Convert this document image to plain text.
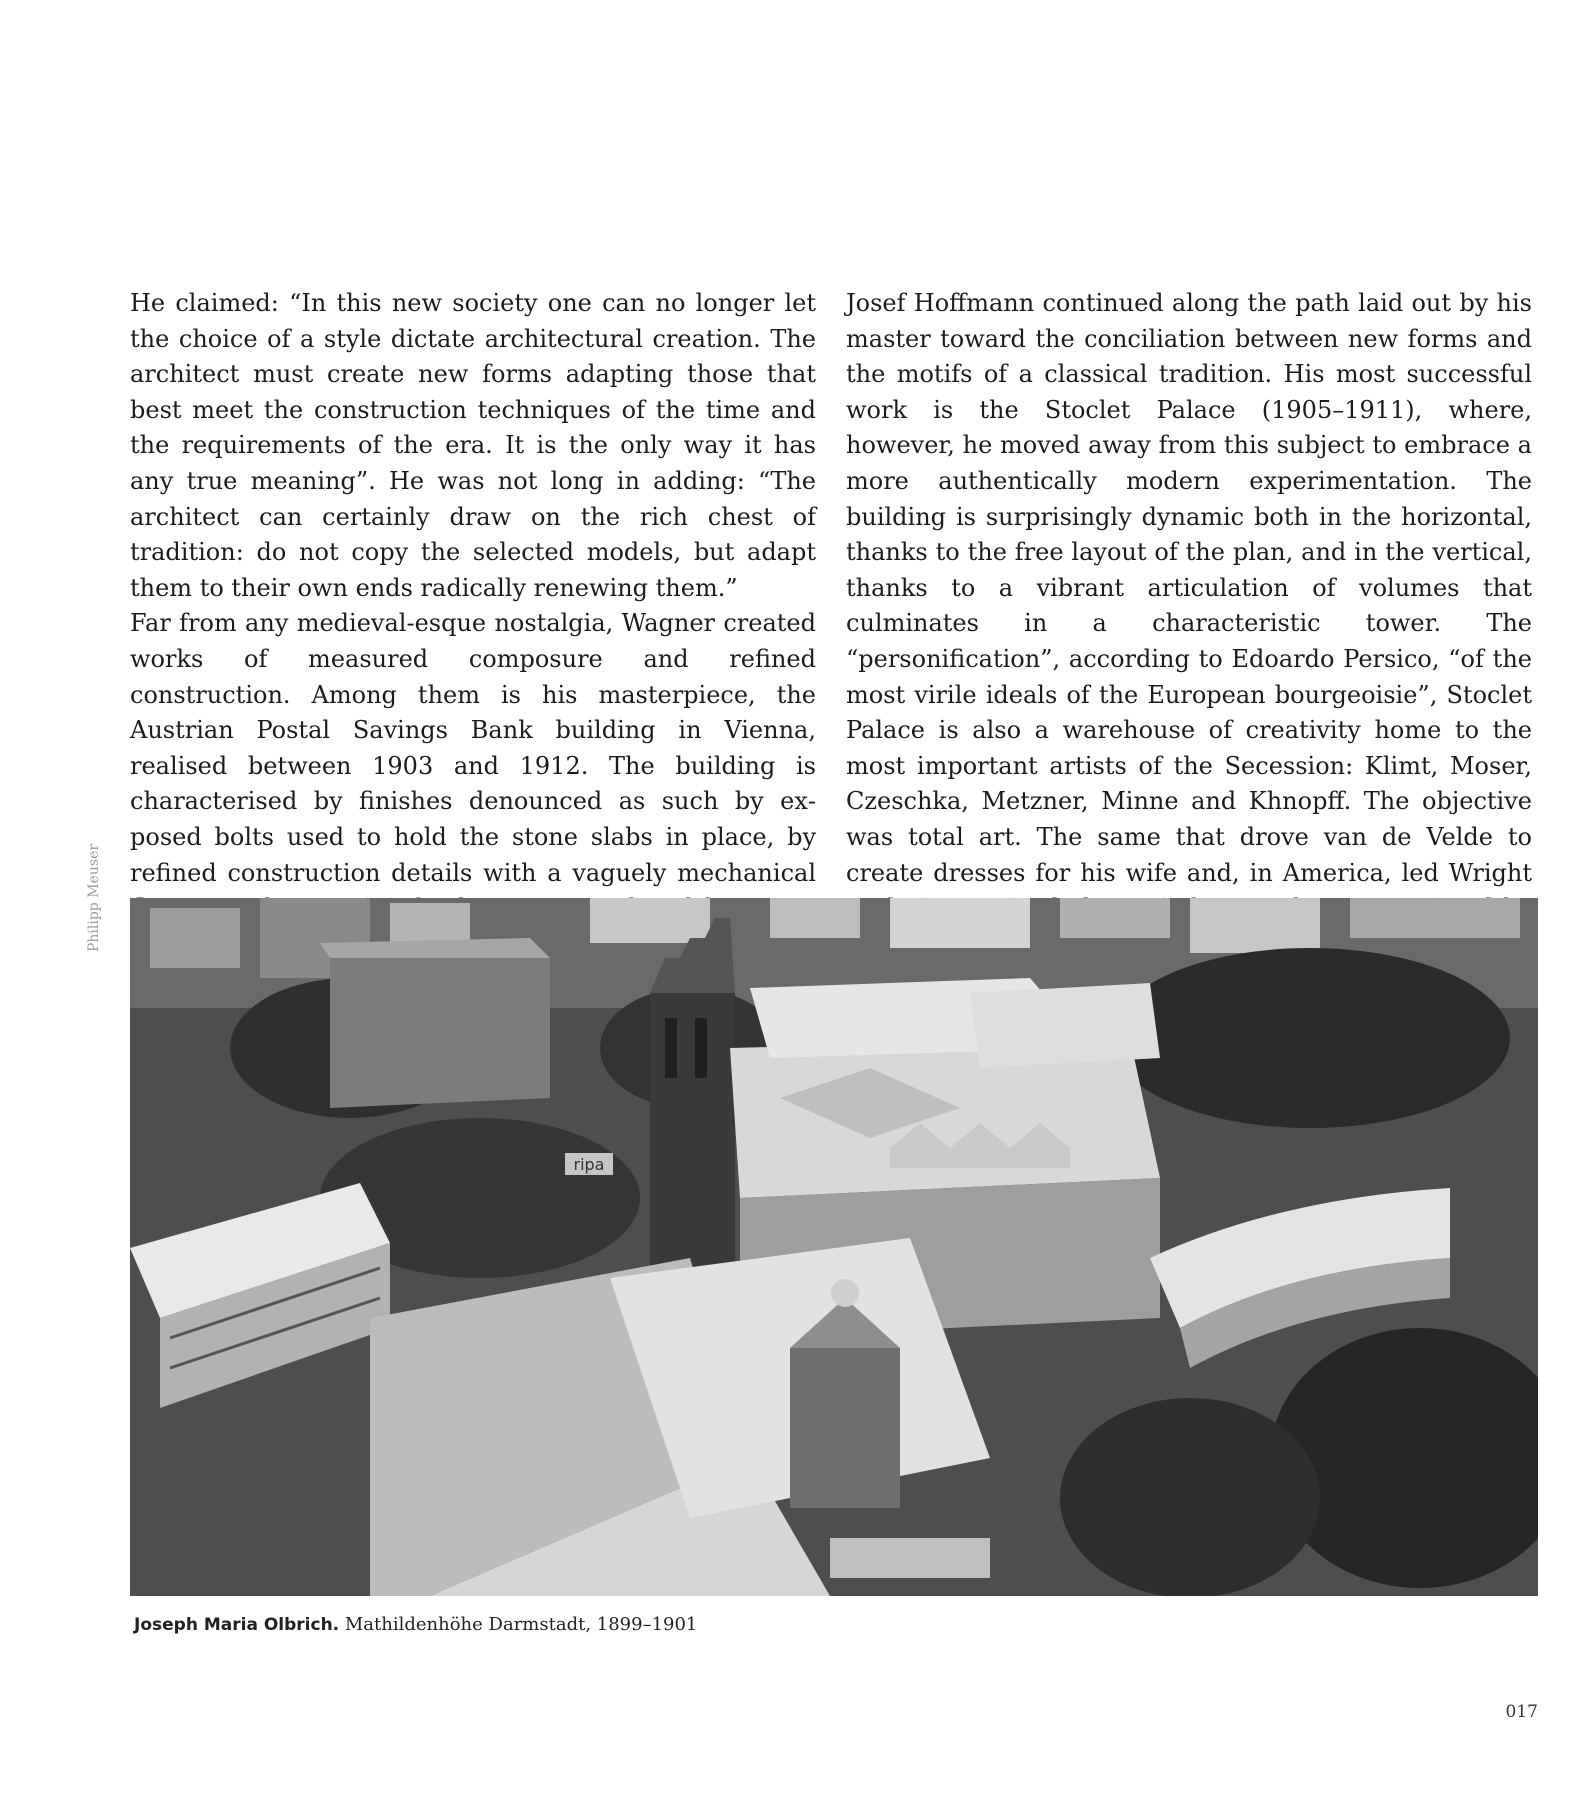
He claimed: “In this new society one can no longer let the choice of a style dictate architectural creation. The architect must create new forms adapting those that best meet the construction techniques of the time and the requirements of the era. It is the only way it has any true meaning”. He was not long in adding: “The architect can certainly draw on the rich chest of tradition: do not copy the selected models, but adapt them to their own ends radically renewing them.”

Far from any medieval-esque nostalgia, Wagner created works of measured composure and refined construction. Among them is his masterpiece, the Austrian Postal Savings Bank building in Vienna, realised between 1903 and 1912. The building is characterised by finishes denounced as such by exposed bolts used to hold the stone slabs in place, by refined construction details with a vaguely mechanical

Josef Hoffmann continued along the path laid out by his master toward the conciliation between new forms and the motifs of a classical tradition. His most successful work is the Stoclet Palace (1905–1911), where, however, he moved away from this subject to embrace a more authentically modern experimentation. The building is surprisingly dynamic both in the horizontal, thanks to the free layout of the plan, and in the vertical, thanks to a vibrant articulation of volumes that culminates in a characteristic tower. The “personification”, according to Edoardo Persico, “of the most virile ideals of the European bourgeoisie”, Stoclet Palace is also a warehouse of creativity home to the most important artists of the Secession: Klimt, Moser, Czeschka, Metzner, Minne and Khnopff. The objective was total art. The same that drove van de Velde to create dresses for his wife and, in America, led Wright

Philipp Meuser
ripa
Joseph Maria Olbrich. Mathildenhöhe Darmstadt, 1899–1901
017
